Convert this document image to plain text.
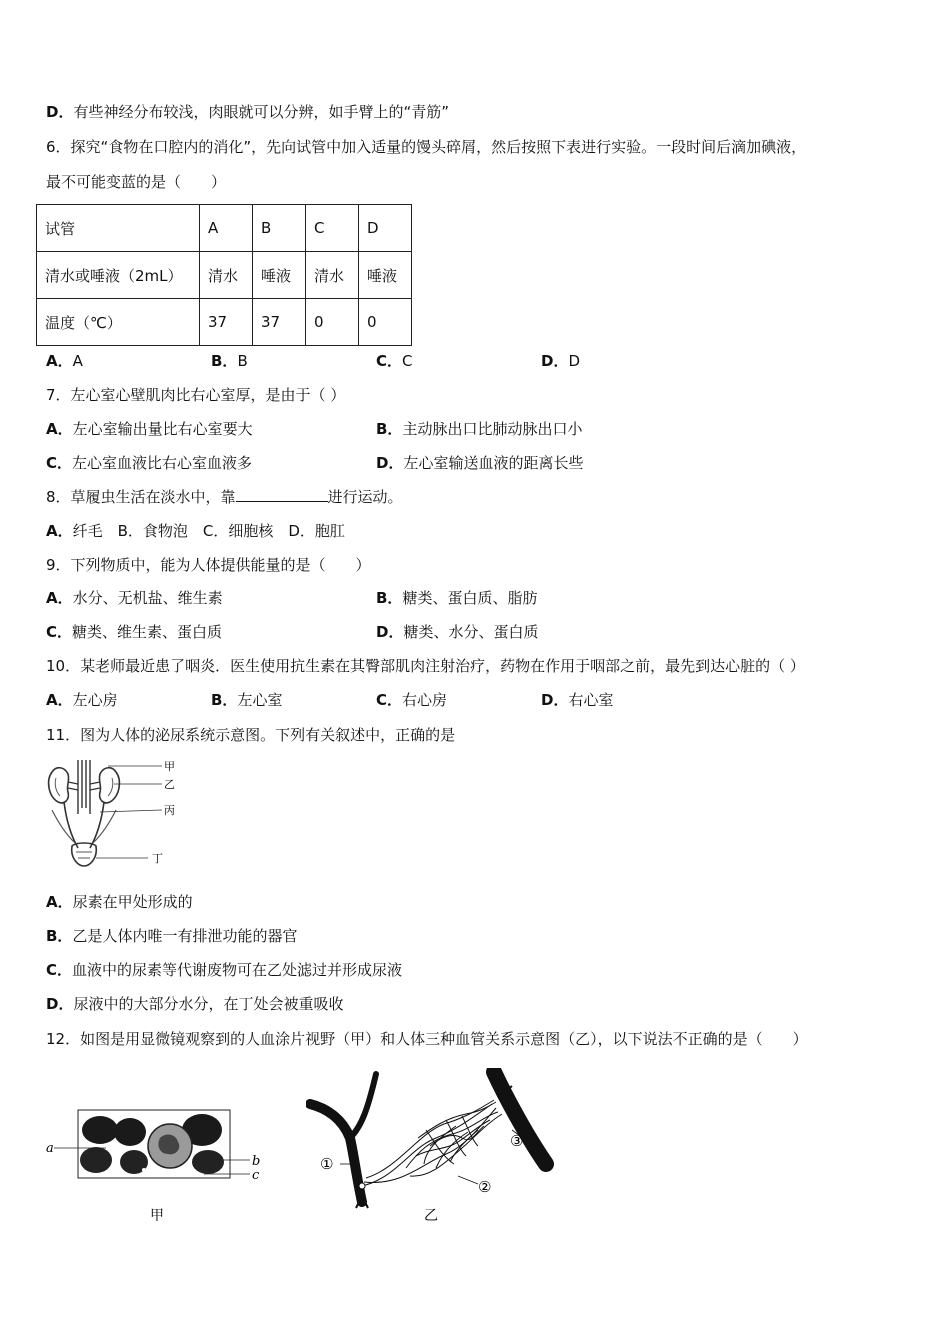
D．有些神经分布较浅，肉眼就可以分辨，如手臂上的“青筋”
6．探究“食物在口腔内的消化”，先向试管中加入适量的馒头碎屑，然后按照下表进行实验。一段时间后滴加碘液，
最不可能变蓝的是（　　）
试管	A	B	C	D
清水或唾液（2mL）	清水	唾液	清水	唾液
温度（℃）	37	37	0	0
A．A	B．B	C．C	D．D
7．左心室心壁肌肉比右心室厚，是由于（ ）
A．左心室输出量比右心室要大	B．主动脉出口比肺动脉出口小
C．左心室血液比右心室血液多	D．左心室输送血液的距离长些
8．草履虫生活在淡水中，靠	进行运动。
A．纤毛　B．食物泡　C．细胞核　D．胞肛
9．下列物质中，能为人体提供能量的是（　　）
A．水分、无机盐、维生素	B．糖类、蛋白质、脂肪
C．糖类、维生素、蛋白质	D．糖类、水分、蛋白质
10．某老师最近患了咽炎．医生使用抗生素在其臀部肌肉注射治疗，药物在作用于咽部之前，最先到达心脏的（ ）
A．左心房	B．左心室	C．右心房	D．右心室
11．图为人体的泌尿系统示意图。下列有关叙述中，正确的是
甲
乙
丙
丁
A．尿素在甲处形成的
B．乙是人体内唯一有排泄功能的器官
C．血液中的尿素等代谢废物可在乙处滤过并形成尿液
D．尿液中的大部分水分，在丁处会被重吸收
12．如图是用显微镜观察到的人血涂片视野（甲）和人体三种血管关系示意图（乙），以下说法不正确的是（　　）
a
b
c
甲
①
②
③
乙
